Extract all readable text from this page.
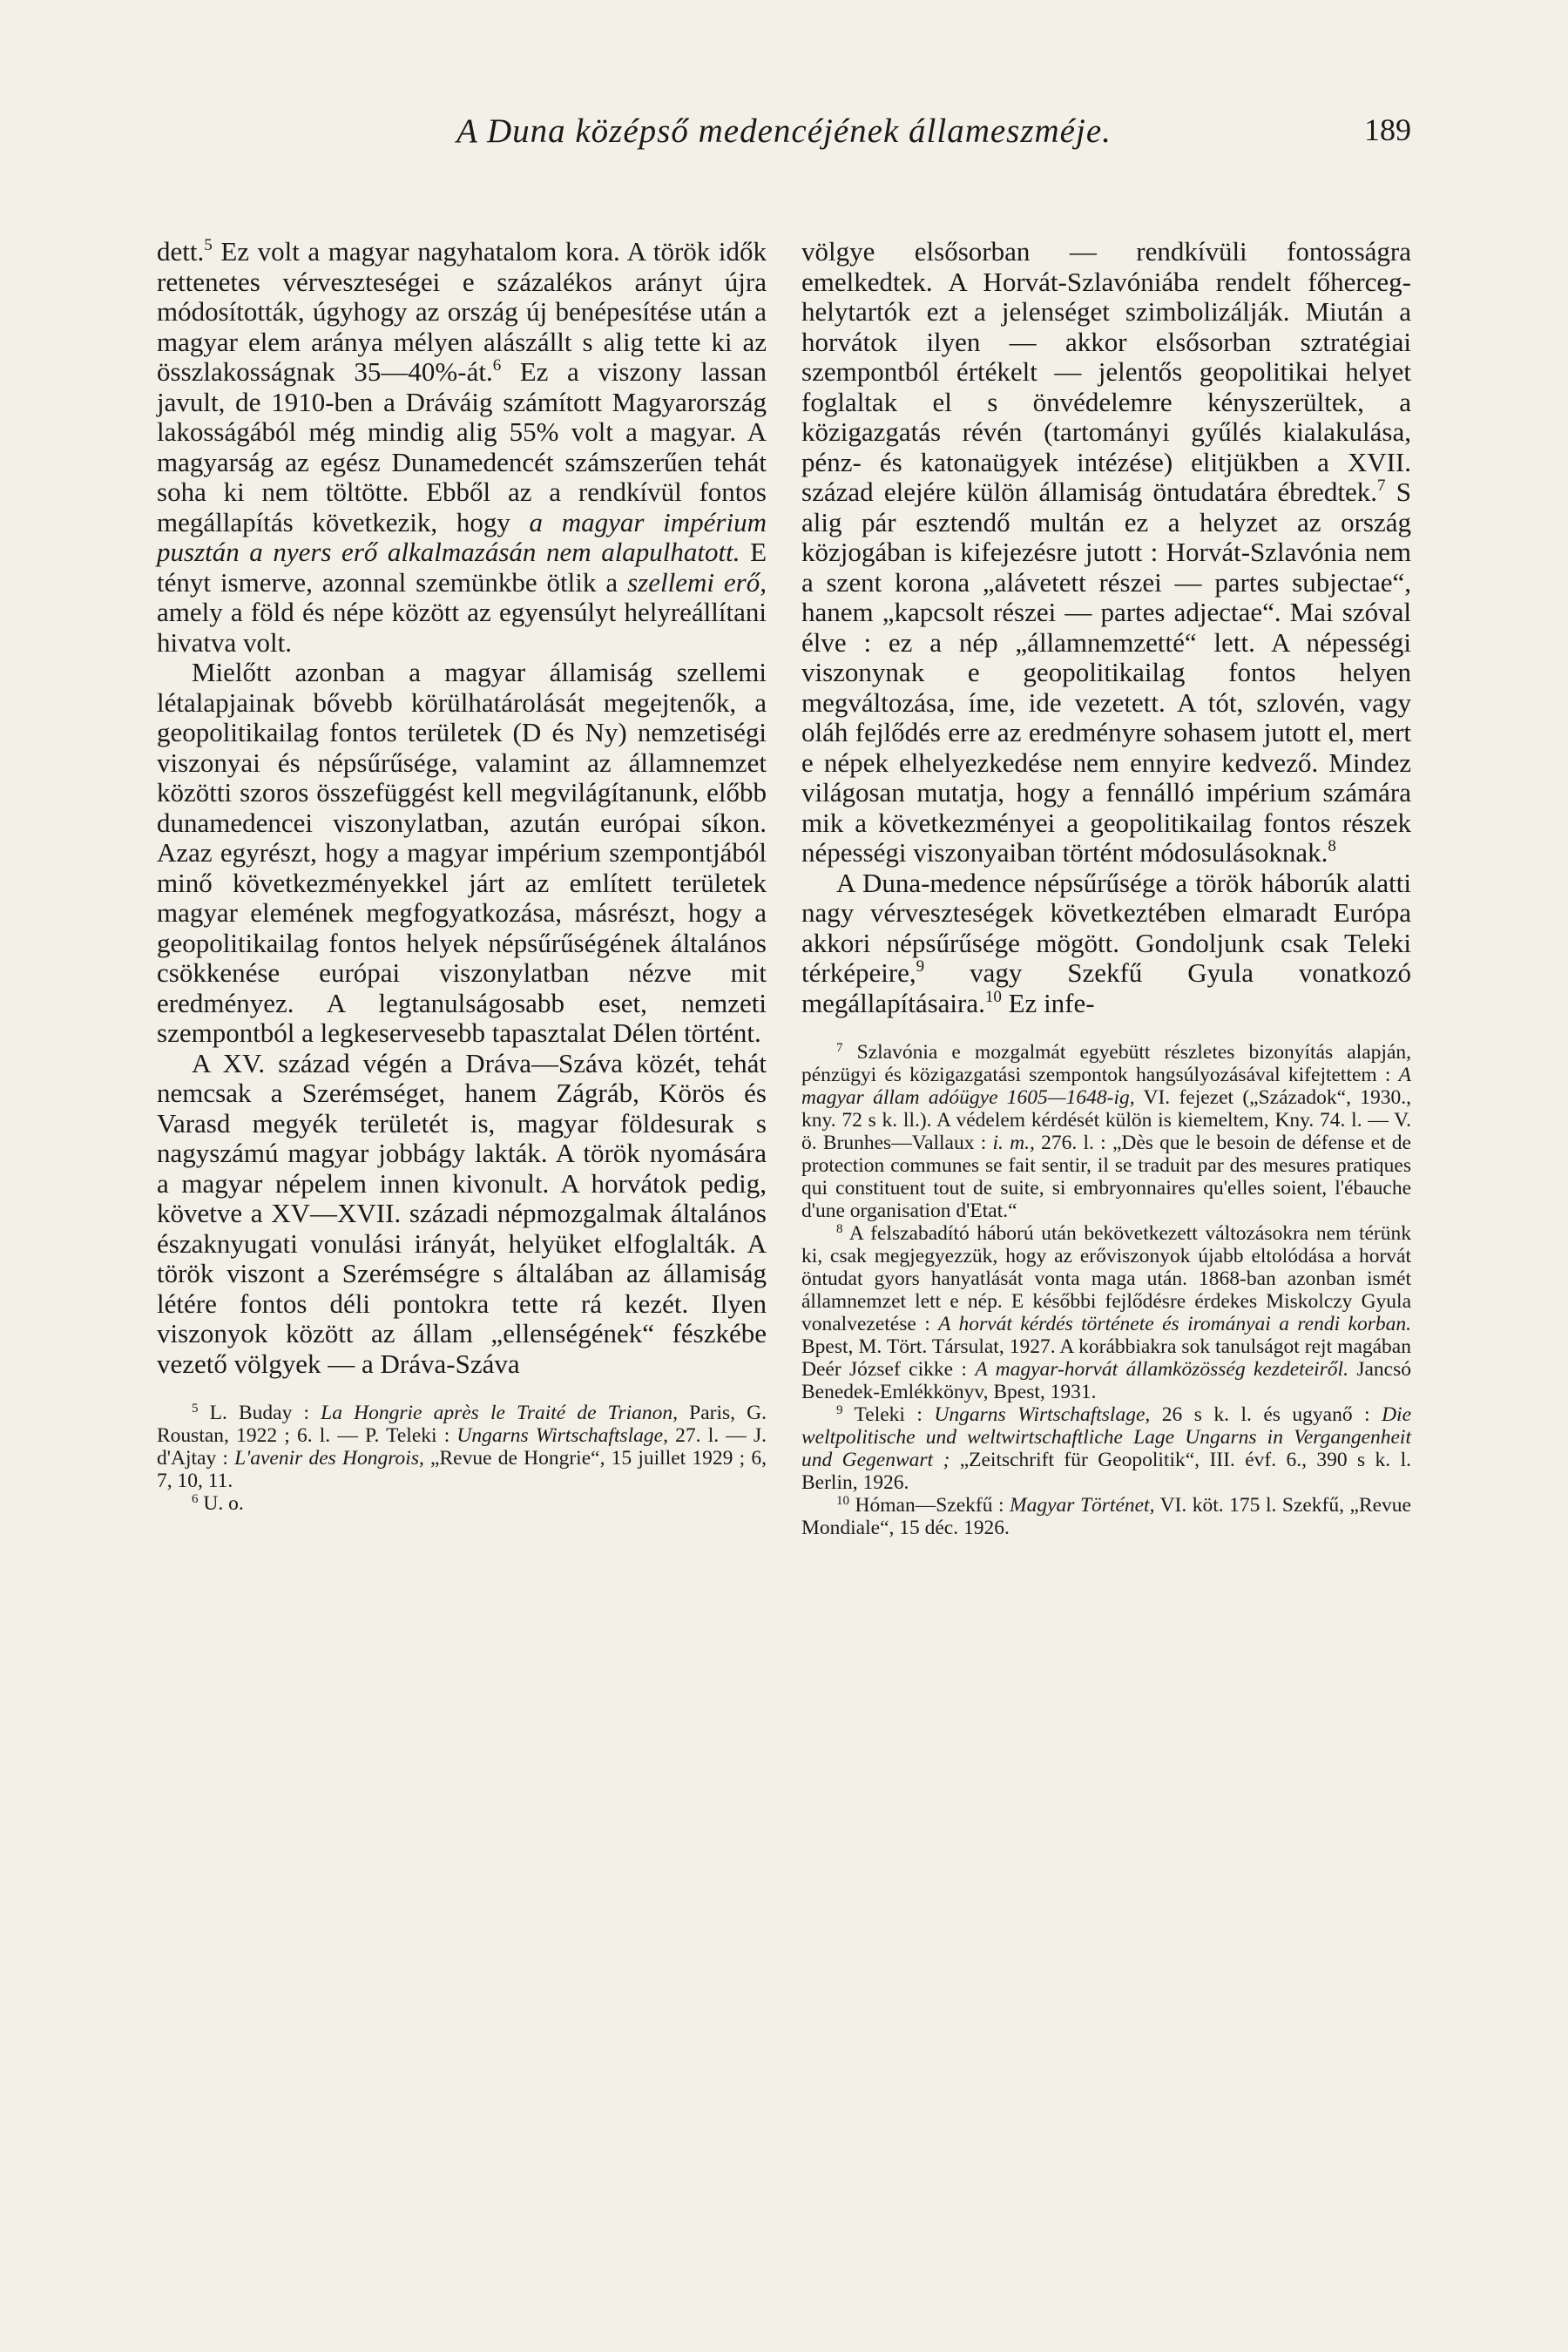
A Duna középső medencéjének állameszméje.	189

dett.$^5$ Ez volt a magyar nagyhatalom kora. A török idők rettenetes vérveszteségei e százalékos arányt újra módosították, úgyhogy az ország új benépesítése után a magyar elem aránya mélyen alászállt s alig tette ki az összlakosságnak 35—40%-át.$^6$ Ez a viszony lassan javult, de 1910-ben a Dráváig számított Magyarország lakosságából még mindig alig 55% volt a magyar. A magyarság az egész Dunamedencét számszerűen tehát soha ki nem töltötte. Ebből az a rendkívül fontos megállapítás következik, hogy a magyar impérium pusztán a nyers erő alkalmazásán nem alapulhatott. E tényt ismerve, azonnal szemünkbe ötlik a szellemi erő, amely a föld és népe között az egyensúlyt helyreállítani hivatva volt.

Mielőtt azonban a magyar államiság szellemi létalapjainak bővebb körülhatárolását megejtenők, a geopolitikailag fontos területek (D és Ny) nemzetiségi viszonyai és népsűrűsége, valamint az államnemzet közötti szoros összefüggést kell megvilágítanunk, előbb dunamedencei viszonylatban, azután európai síkon. Azaz egyrészt, hogy a magyar impérium szempontjából minő következményekkel járt az említett területek magyar elemének megfogyatkozása, másrészt, hogy a geopolitikailag fontos helyek népsűrűségének általános csökkenése európai viszonylatban nézve mit eredményez. A legtanulságosabb eset, nemzeti szempontból a legkeservesebb tapasztalat Délen történt.

A XV. század végén a Dráva—Száva közét, tehát nemcsak a Szerémséget, hanem Zágráb, Körös és Varasd megyék területét is, magyar földesurak s nagyszámú magyar jobbágy lakták. A török nyomására a magyar népelem innen kivonult. A horvátok pedig, követve a XV—XVII. századi népmozgalmak általános északnyugati vonulási irányát, helyüket elfoglalták. A török viszont a Szerémségre s általában az államiság létére fontos déli pontokra tette rá kezét. Ilyen viszonyok között az állam „ellenségének“ fészkébe vezető völgyek — a Dráva-Száva

$^5$ L. Buday : La Hongrie après le Traité de Trianon, Paris, G. Roustan, 1922 ; 6. l. — P. Teleki : Ungarns Wirtschaftslage, 27. l. — J. d'Ajtay : L'avenir des Hongrois, „Revue de Hongrie“, 15 juillet 1929 ; 6, 7, 10, 11.

$^6$ U. o.

völgye elsősorban — rendkívüli fontosságra emelkedtek. A Horvát-Szlavóniába rendelt főherceg-helytartók ezt a jelenséget szimbolizálják. Miután a horvátok ilyen — akkor elsősorban sztratégiai szempontból értékelt — jelentős geopolitikai helyet foglaltak el s önvédelemre kényszerültek, a közigazgatás révén (tartományi gyűlés kialakulása, pénz- és katonaügyek intézése) elitjükben a XVII. század elejére külön államiság öntudatára ébredtek.$^7$ S alig pár esztendő multán ez a helyzet az ország közjogában is kifejezésre jutott : Horvát-Szlavónia nem a szent korona „alávetett részei — partes subjectae“, hanem „kapcsolt részei — partes adjectae“. Mai szóval élve : ez a nép „államnemzetté“ lett. A népességi viszonynak e geopolitikailag fontos helyen megváltozása, íme, ide vezetett. A tót, szlovén, vagy oláh fejlődés erre az eredményre sohasem jutott el, mert e népek elhelyezkedése nem ennyire kedvező. Mindez világosan mutatja, hogy a fennálló impérium számára mik a következményei a geopolitikailag fontos részek népességi viszonyaiban történt módosulásoknak.$^8$

A Duna-medence népsűrűsége a török háborúk alatti nagy vérveszteségek következtében elmaradt Európa akkori népsűrűsége mögött. Gondoljunk csak Teleki térképeire,$^9$ vagy Szekfű Gyula vonatkozó megállapításaira.$^{10}$ Ez infe-

$^7$ Szlavónia e mozgalmát egyebütt részletes bizonyítás alapján, pénzügyi és közigazgatási szempontok hangsúlyozásával kifejtettem : A magyar állam adóügye 1605—1648-ig, VI. fejezet („Századok“, 1930., kny. 72 s k. ll.). A védelem kérdését külön is kiemeltem, Kny. 74. l. — V. ö. Brunhes—Vallaux : i. m., 276. l. : „Dès que le besoin de défense et de protection communes se fait sentir, il se traduit par des mesures pratiques qui constituent tout de suite, si embryonnaires qu'elles soient, l'ébauche d'une organisation d'Etat.“

$^8$ A felszabadító háború után bekövetkezett változásokra nem térünk ki, csak megjegyezzük, hogy az erőviszonyok újabb eltolódása a horvát öntudat gyors hanyatlását vonta maga után. 1868-ban azonban ismét államnemzet lett e nép. E későbbi fejlődésre érdekes Miskolczy Gyula vonalvezetése : A horvát kérdés története és irományai a rendi korban. Bpest, M. Tört. Társulat, 1927. A korábbiakra sok tanulságot rejt magában Deér József cikke : A magyar-horvát államközösség kezdeteiről. Jancsó Benedek-Emlékkönyv, Bpest, 1931.

$^9$ Teleki : Ungarns Wirtschaftslage, 26 s k. l. és ugyanő : Die weltpolitische und weltwirtschaftliche Lage Ungarns in Vergangenheit und Gegenwart ; „Zeitschrift für Geopolitik“, III. évf. 6., 390 s k. l. Berlin, 1926.

$^{10}$ Hóman—Szekfű : Magyar Történet, VI. köt. 175 l. Szekfű, „Revue Mondiale“, 15 déc. 1926.
